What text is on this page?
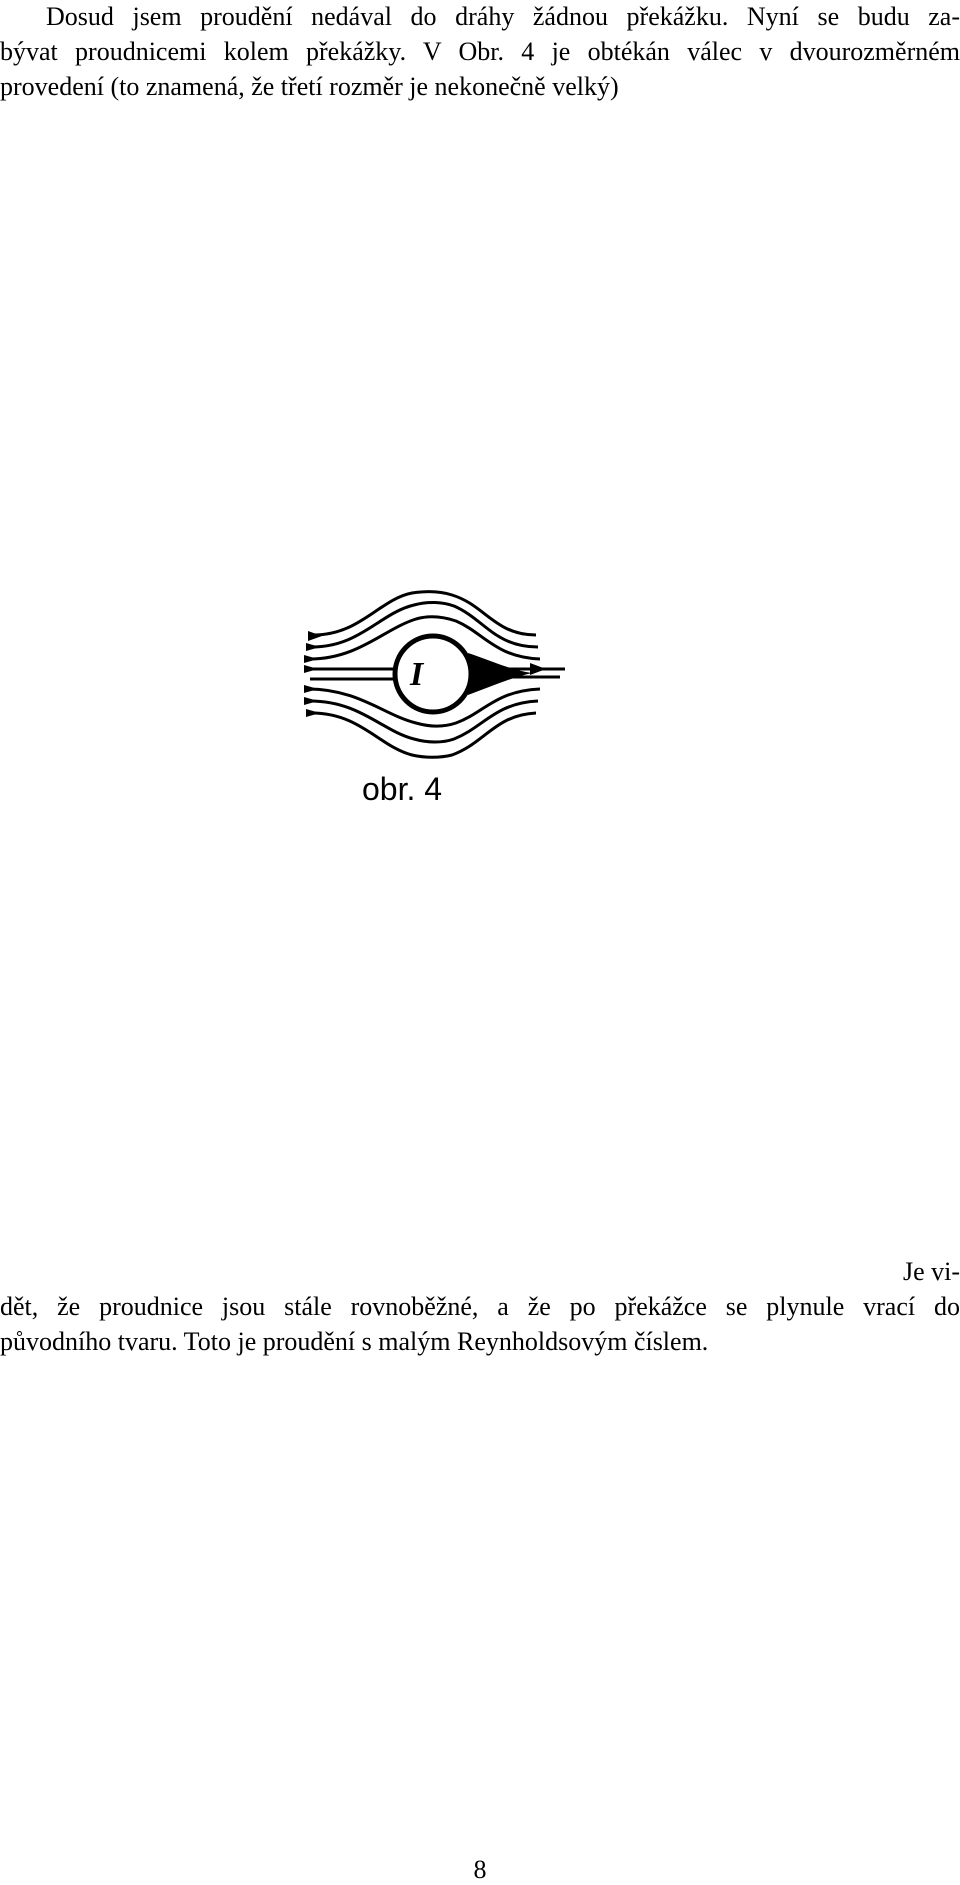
Dosud jsem proudění nedával do dráhy žádnou překážku. Nyní se budu za-
bývat proudnicemi kolem překážky. V Obr. 4 je obtékán válec v dvourozměrném
provedení (to znamená, že třetí rozměr je nekonečně velký)
I
obr. 4
Je vi-
dět, že proudnice jsou stále rovnoběžné, a že po překážce se plynule vrací do
původního tvaru. Toto je proudění s malým Reynholdsovým číslem.
8
